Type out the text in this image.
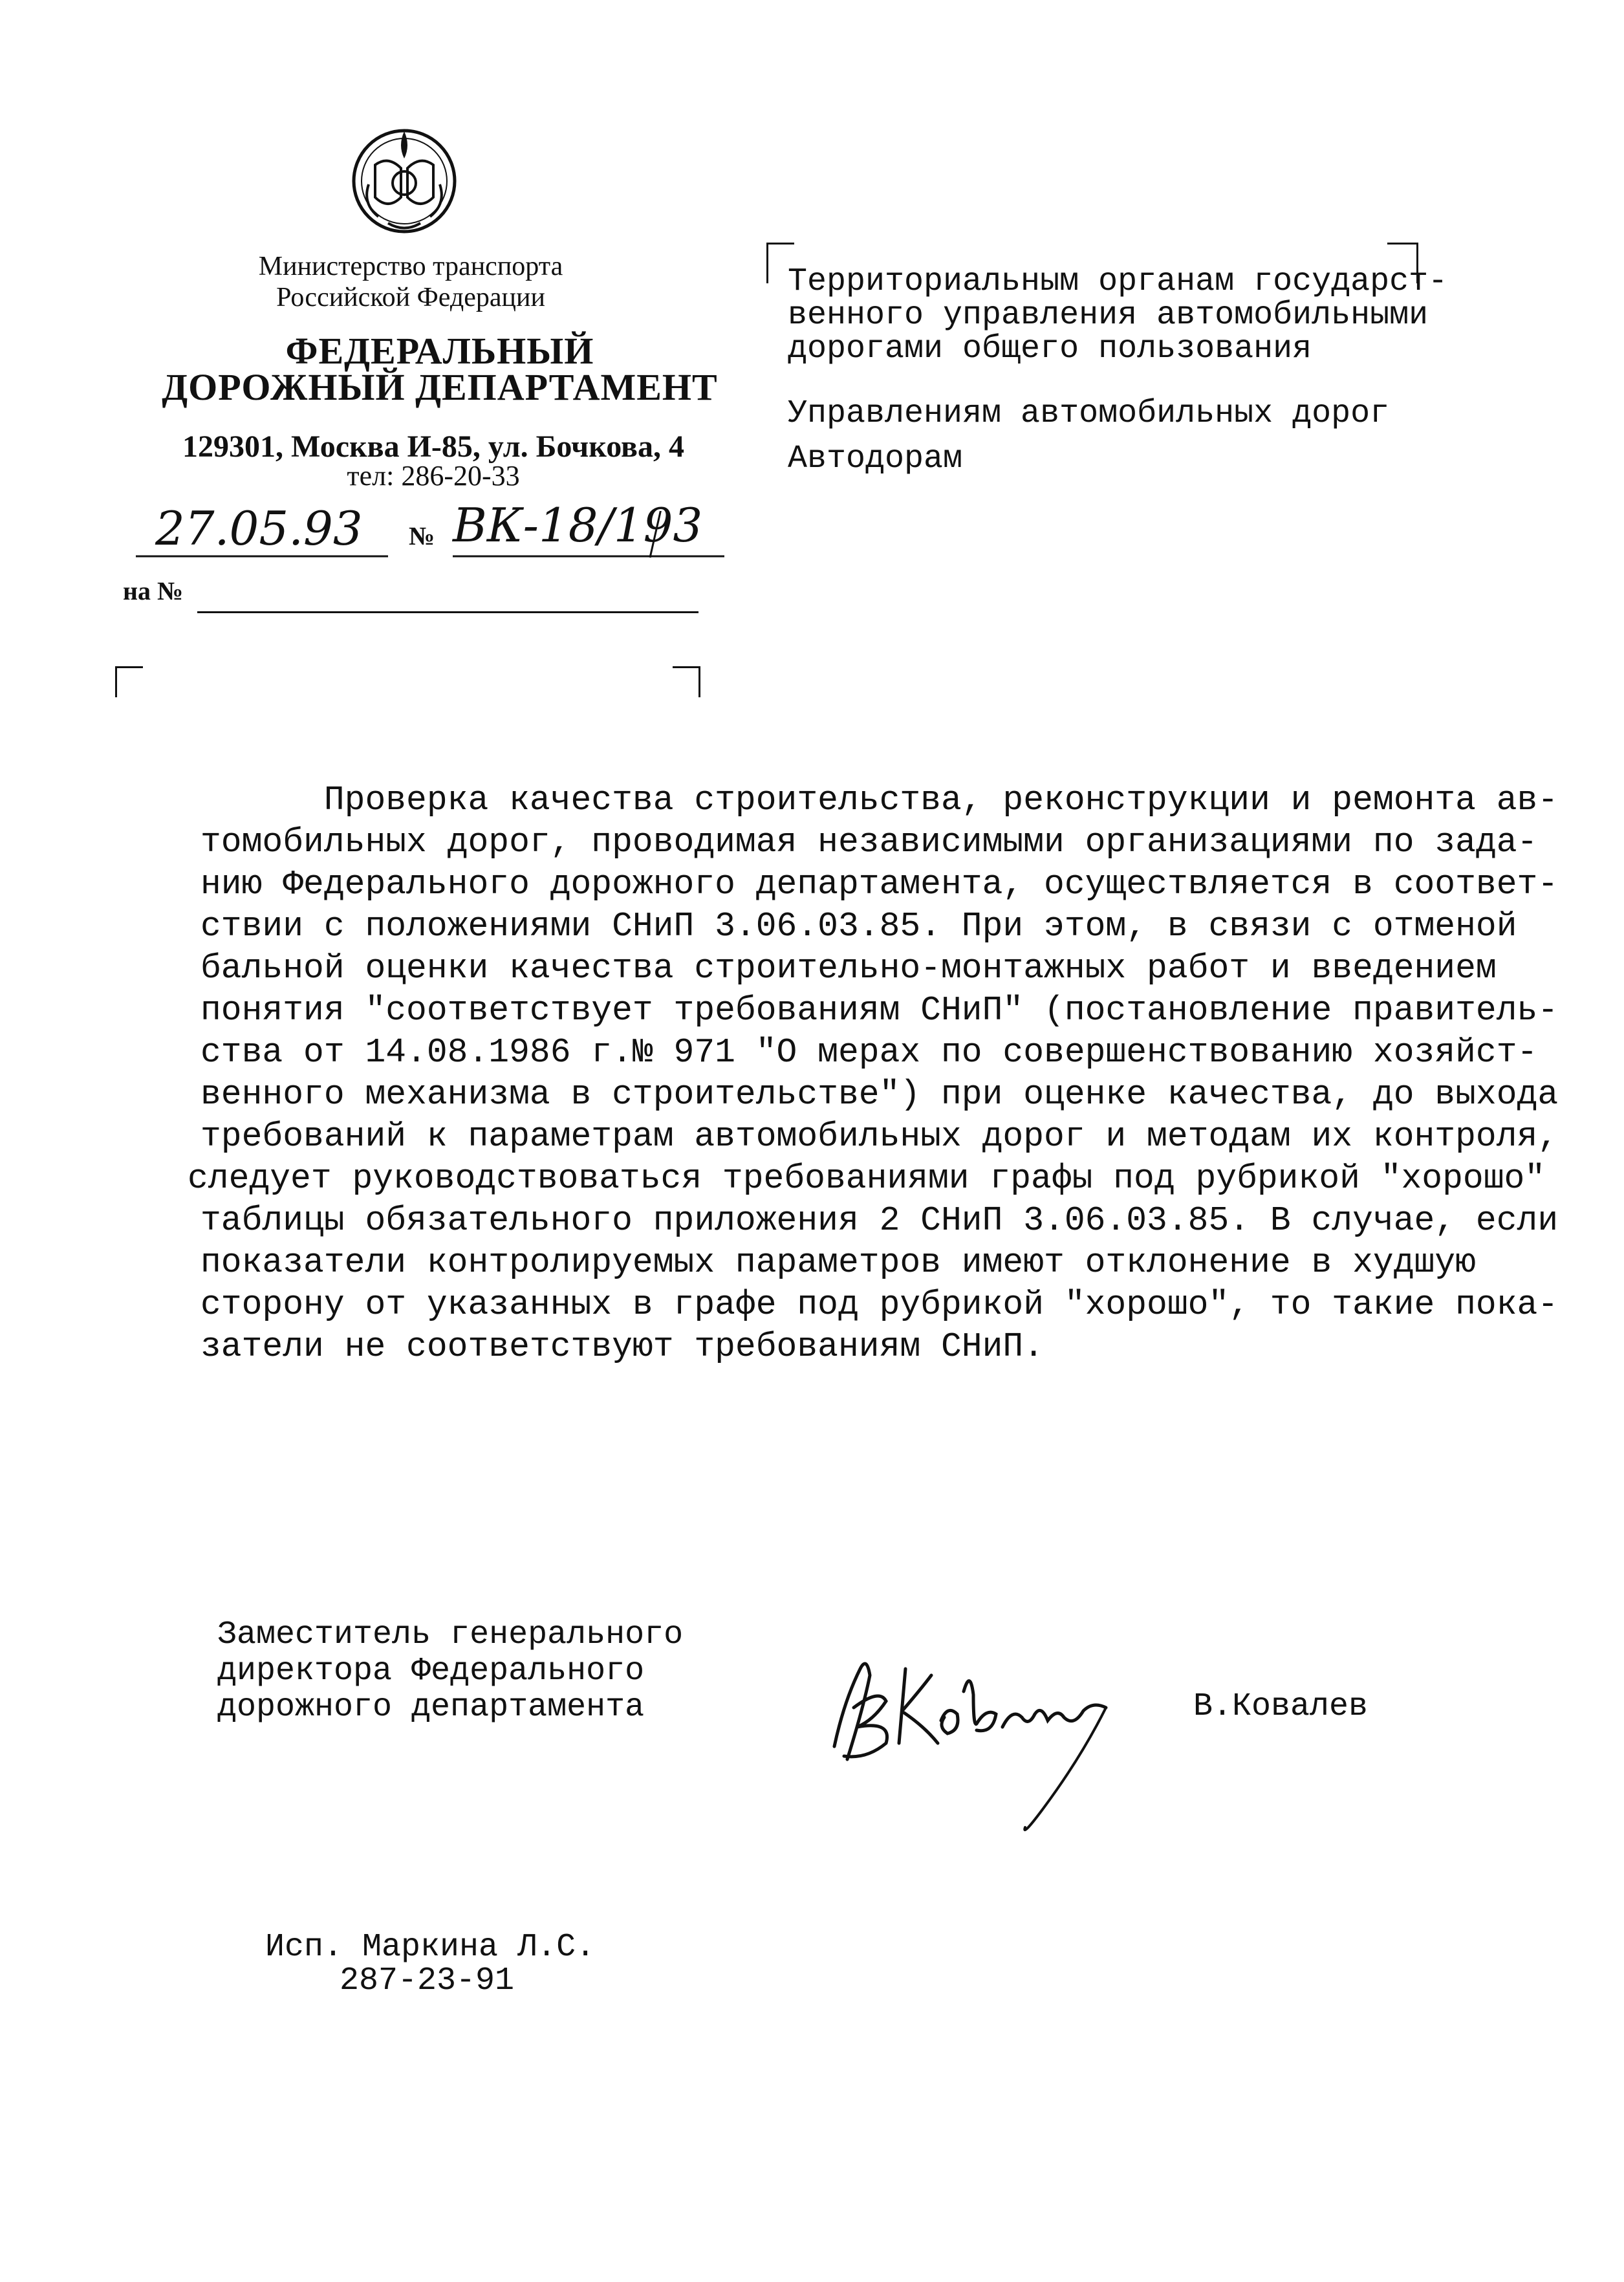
Министерство транспорта
Российской Федерации
ФЕДЕРАЛЬНЫЙ
ДОРОЖНЫЙ ДЕПАРТАМЕНТ
129301, Москва И-85, ул. Бочкова, 4
тел: 286-20-33
27.05.93 № ВК-18/193
на №
Территориальным органам государст-
венного управления автомобильными
дорогами общего пользования
Управлениям автомобильных дорог
Автодорам
Проверка качества строительства, реконструкции и ремонта ав-
томобильных дорог, проводимая независимыми организациями по зада-
нию Федерального дорожного департамента, осуществляется в соответ-
ствии с положениями СНиП 3.06.03.85. При этом, в связи с отменой
бальной оценки качества строительно-монтажных работ и введением
понятия "соответствует требованиям СНиП" (постановление правитель-
ства от 14.08.1986 г.№ 971 "О мерах по совершенствованию хозяйст-
венного механизма в строительстве") при оценке качества, до выхода
требований к параметрам автомобильных дорог и методам их контроля,
следует руководствоваться требованиями графы под рубрикой "хорошо"
таблицы обязательного приложения 2 СНиП 3.06.03.85. В случае, если
показатели контролируемых параметров имеют отклонение в худшую
сторону от указанных в графе под рубрикой "хорошо", то такие пока-
затели не соответствуют требованиям СНиП.
Заместитель генерального
директора Федерального
дорожного департамента	В.Ковалев
Исп. Маркина Л.С.
287-23-91
